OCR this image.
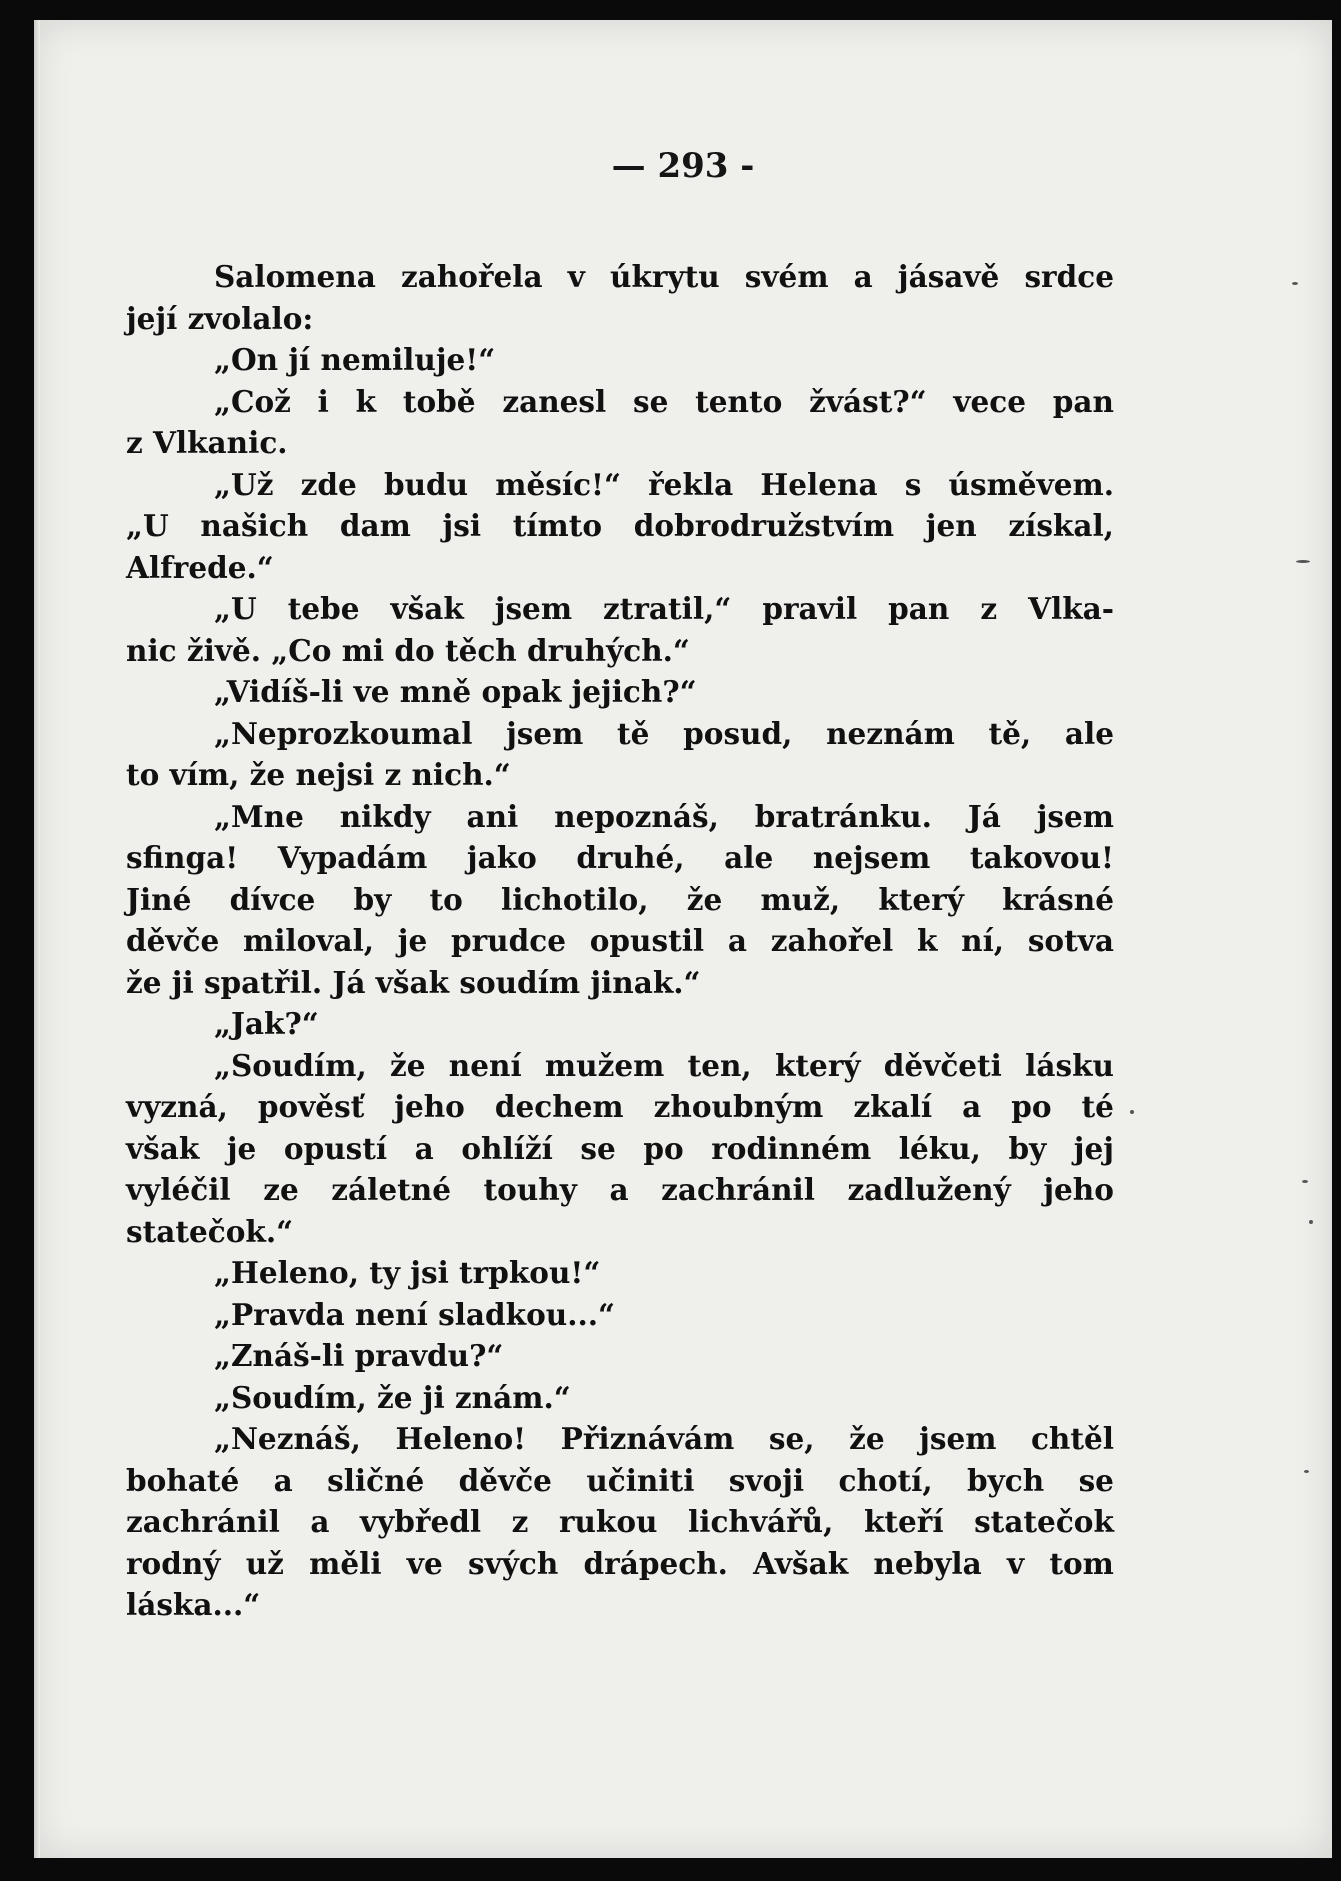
— 293 -
Salomena zahořela v úkrytu svém a jásavě srdce
její zvolalo:
„On jí nemiluje!“
„Což i k tobě zanesl se tento žvást?“ vece pan
z Vlkanic.
„Už zde budu měsíc!“ řekla Helena s úsměvem.
„U našich dam jsi tímto dobrodružstvím jen získal,
Alfrede.“
„U tebe však jsem ztratil,“ pravil pan z Vlka-
nic živě. „Co mi do těch druhých.“
„Vidíš-li ve mně opak jejich?“
„Neprozkoumal jsem tě posud, neznám tě, ale
to vím, že nejsi z nich.“
„Mne nikdy ani nepoznáš, bratránku. Já jsem
sfinga! Vypadám jako druhé, ale nejsem takovou!
Jiné dívce by to lichotilo, že muž, který krásné
děvče miloval, je prudce opustil a zahořel k ní, sotva
že ji spatřil. Já však soudím jinak.“
„Jak?“
„Soudím, že není mužem ten, který děvčeti lásku
vyzná, pověsť jeho dechem zhoubným zkalí a po té
však je opustí a ohlíží se po rodinném léku, by jej
vyléčil ze záletné touhy a zachránil zadlužený jeho
statečok.“
„Heleno, ty jsi trpkou!“
„Pravda není sladkou...“
„Znáš-li pravdu?“
„Soudím, že ji znám.“
„Neznáš, Heleno! Přiznávám se, že jsem chtěl
bohaté a sličné děvče učiniti svoji chotí, bych se
zachránil a vybředl z rukou lichvářů, kteří statečok
rodný už měli ve svých drápech. Avšak nebyla v tom
láska...“
